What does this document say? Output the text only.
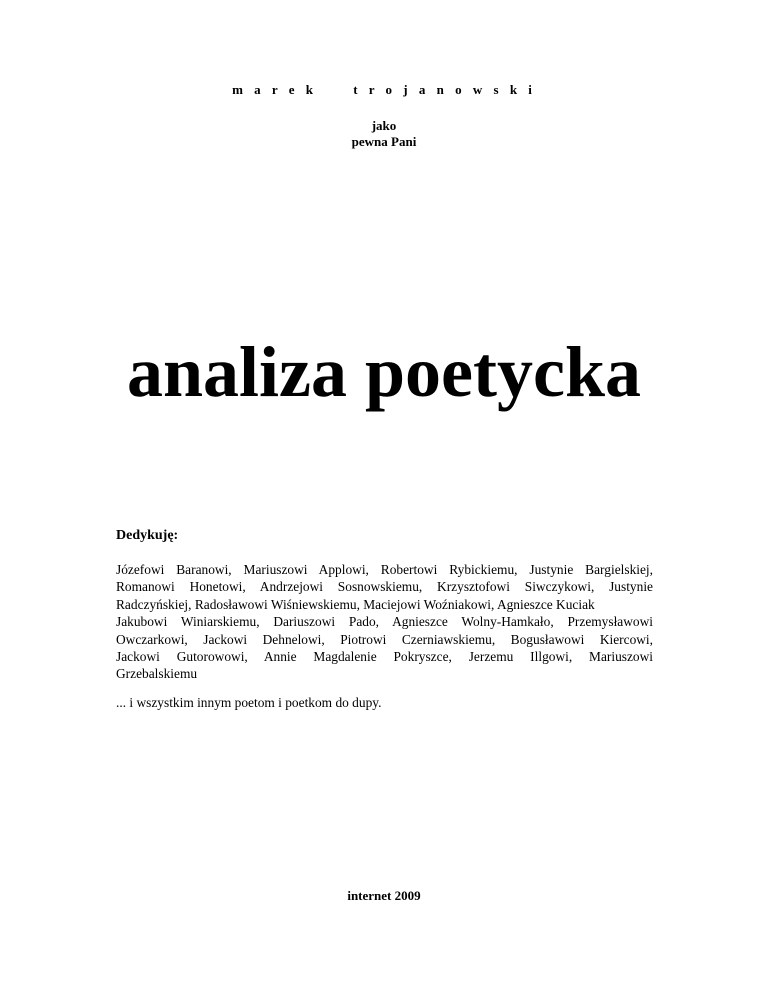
m a r e k     t r o j a n o w s k i
jako
pewna Pani
analiza poetycka
Dedykuję:
Józefowi Baranowi, Mariuszowi Applowi, Robertowi Rybickiemu, Justynie Bargielskiej,
Romanowi Honetowi, Andrzejowi Sosnowskiemu, Krzysztofowi Siwczykowi, Justynie
Radczyńskiej, Radosławowi Wiśniewskiemu, Maciejowi Woźniakowi, Agnieszce Kuciak
Jakubowi Winiarskiemu, Dariuszowi Pado, Agnieszce Wolny-Hamkało, Przemysławowi
Owczarkowi, Jackowi Dehnelowi, Piotrowi Czerniawskiemu, Bogusławowi Kiercowi,
Jackowi Gutorowowi, Annie Magdalenie Pokryszce, Jerzemu Illgowi, Mariuszowi
Grzebalskiemu
... i wszystkim innym poetom i poetkom do dupy.
internet 2009
